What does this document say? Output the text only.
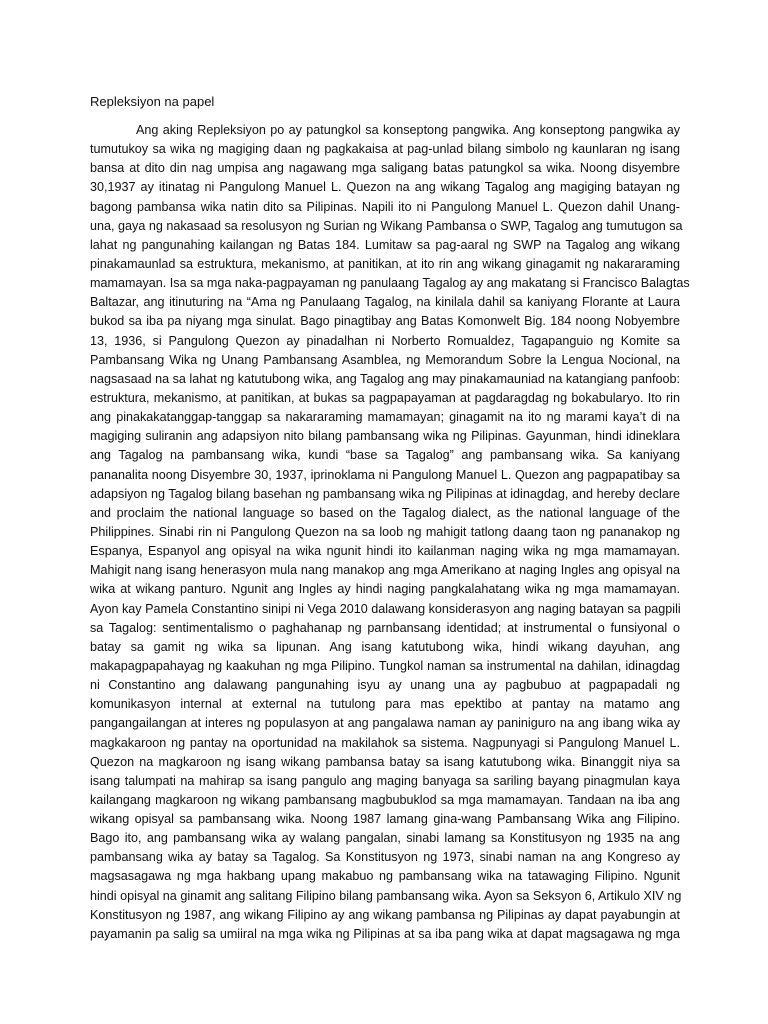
Repleksiyon na papel
Ang aking Repleksiyon po ay patungkol sa konseptong pangwika. Ang konseptong pangwika ay
tumutukoy sa wika ng magiging daan ng pagkakaisa at pag-unlad bilang simbolo ng kaunlaran ng isang
bansa at dito din nag umpisa ang nagawang mga saligang batas patungkol sa wika. Noong disyembre
30,1937 ay itinatag ni Pangulong Manuel L. Quezon na ang wikang Tagalog ang magiging batayan ng
bagong pambansa wika natin dito sa Pilipinas. Napili ito ni Pangulong Manuel L. Quezon dahil Unang-
una, gaya ng nakasaad sa resolusyon ng Surian ng Wikang Pambansa o SWP, Tagalog ang tumutugon sa
lahat ng pangunahing kailangan ng Batas 184. Lumitaw sa pag-aaral ng SWP na Tagalog ang wikang
pinakamaunlad sa estruktura, mekanismo, at panitikan, at ito rin ang wikang ginagamit ng nakararaming
mamamayan. Isa sa mga naka-pagpayaman ng panulaang Tagalog ay ang makatang si Francisco Balagtas
Baltazar, ang itinuturing na “Ama ng Panulaang Tagalog, na kinilala dahil sa kaniyang Florante at Laura
bukod sa iba pa niyang mga sinulat. Bago pinagtibay ang Batas Komonwelt Big. 184 noong Nobyembre
13, 1936, si Pangulong Quezon ay pinadalhan ni Norberto Romualdez, Tagapanguio ng Komite sa
Pambansang Wika ng Unang Pambansang Asamblea, ng Memorandum Sobre la Lengua Nocional, na
nagsasaad na sa lahat ng katutubong wika, ang Tagalog ang may pinakamauniad na katangiang panfoob:
estruktura, mekanismo, at panitikan, at bukas sa pagpapayaman at pagdaragdag ng bokabularyo. Ito rin
ang pinakakatanggap-tanggap sa nakararaming mamamayan; ginagamit na ito ng marami kaya’t di na
magiging suliranin ang adapsiyon nito bilang pambansang wika ng Pilipinas. Gayunman, hindi idineklara
ang Tagalog na pambansang wika, kundi “base sa Tagalog” ang pambansang wika. Sa kaniyang
pananalita noong Disyembre 30, 1937, iprinoklama ni Pangulong Manuel L. Quezon ang pagpapatibay sa
adapsiyon ng Tagalog bilang basehan ng pambansang wika ng Pilipinas at idinagdag, and hereby declare
and proclaim the national language so based on the Tagalog dialect, as the national language of the
Philippines. Sinabi rin ni Pangulong Quezon na sa loob ng mahigit tatlong daang taon ng pananakop ng
Espanya, Espanyol ang opisyal na wika ngunit hindi ito kailanman naging wika ng mga mamamayan.
Mahigit nang isang henerasyon mula nang manakop ang mga Amerikano at naging Ingles ang opisyal na
wika at wikang panturo. Ngunit ang Ingles ay hindi naging pangkalahatang wika ng mga mamamayan.
Ayon kay Pamela Constantino sinipi ni Vega 2010 dalawang konsiderasyon ang naging batayan sa pagpili
sa Tagalog: sentimentalismo o paghahanap ng parnbansang identidad; at instrumental o funsiyonal o
batay sa gamit ng wika sa lipunan. Ang isang katutubong wika, hindi wikang dayuhan, ang
makapagpapahayag ng kaakuhan ng mga Pilipino. Tungkol naman sa instrumental na dahilan, idinagdag
ni Constantino ang dalawang pangunahing isyu ay unang una ay pagbubuo at pagpapadali ng
komunikasyon internal at external na tutulong para mas epektibo at pantay na matamo ang
pangangailangan at interes ng populasyon at ang pangalawa naman ay paniniguro na ang ibang wika ay
magkakaroon ng pantay na oportunidad na makilahok sa sistema. Nagpunyagi si Pangulong Manuel L.
Quezon na magkaroon ng isang wikang pambansa batay sa isang katutubong wika. Binanggit niya sa
isang talumpati na mahirap sa isang pangulo ang maging banyaga sa sariling bayang pinagmulan kaya
kailangang magkaroon ng wikang pambansang magbubuklod sa mga mamamayan. Tandaan na iba ang
wikang opisyal sa pambansang wika. Noong 1987 lamang gina-wang Pambansang Wika ang Filipino.
Bago ito, ang pambansang wika ay walang pangalan, sinabi lamang sa Konstitusyon ng 1935 na ang
pambansang wika ay batay sa Tagalog. Sa Konstitusyon ng 1973, sinabi naman na ang Kongreso ay
magsasagawa ng mga hakbang upang makabuo ng pambansang wika na tatawaging Filipino. Ngunit
hindi opisyal na ginamit ang salitang Filipino bilang pambansang wika. Ayon sa Seksyon 6, Artikulo XIV ng
Konstitusyon ng 1987, ang wikang Filipino ay ang wikang pambansa ng Pilipinas ay dapat payabungin at
payamanin pa salig sa umiiral na mga wika ng Pilipinas at sa iba pang wika at dapat magsagawa ng mga
